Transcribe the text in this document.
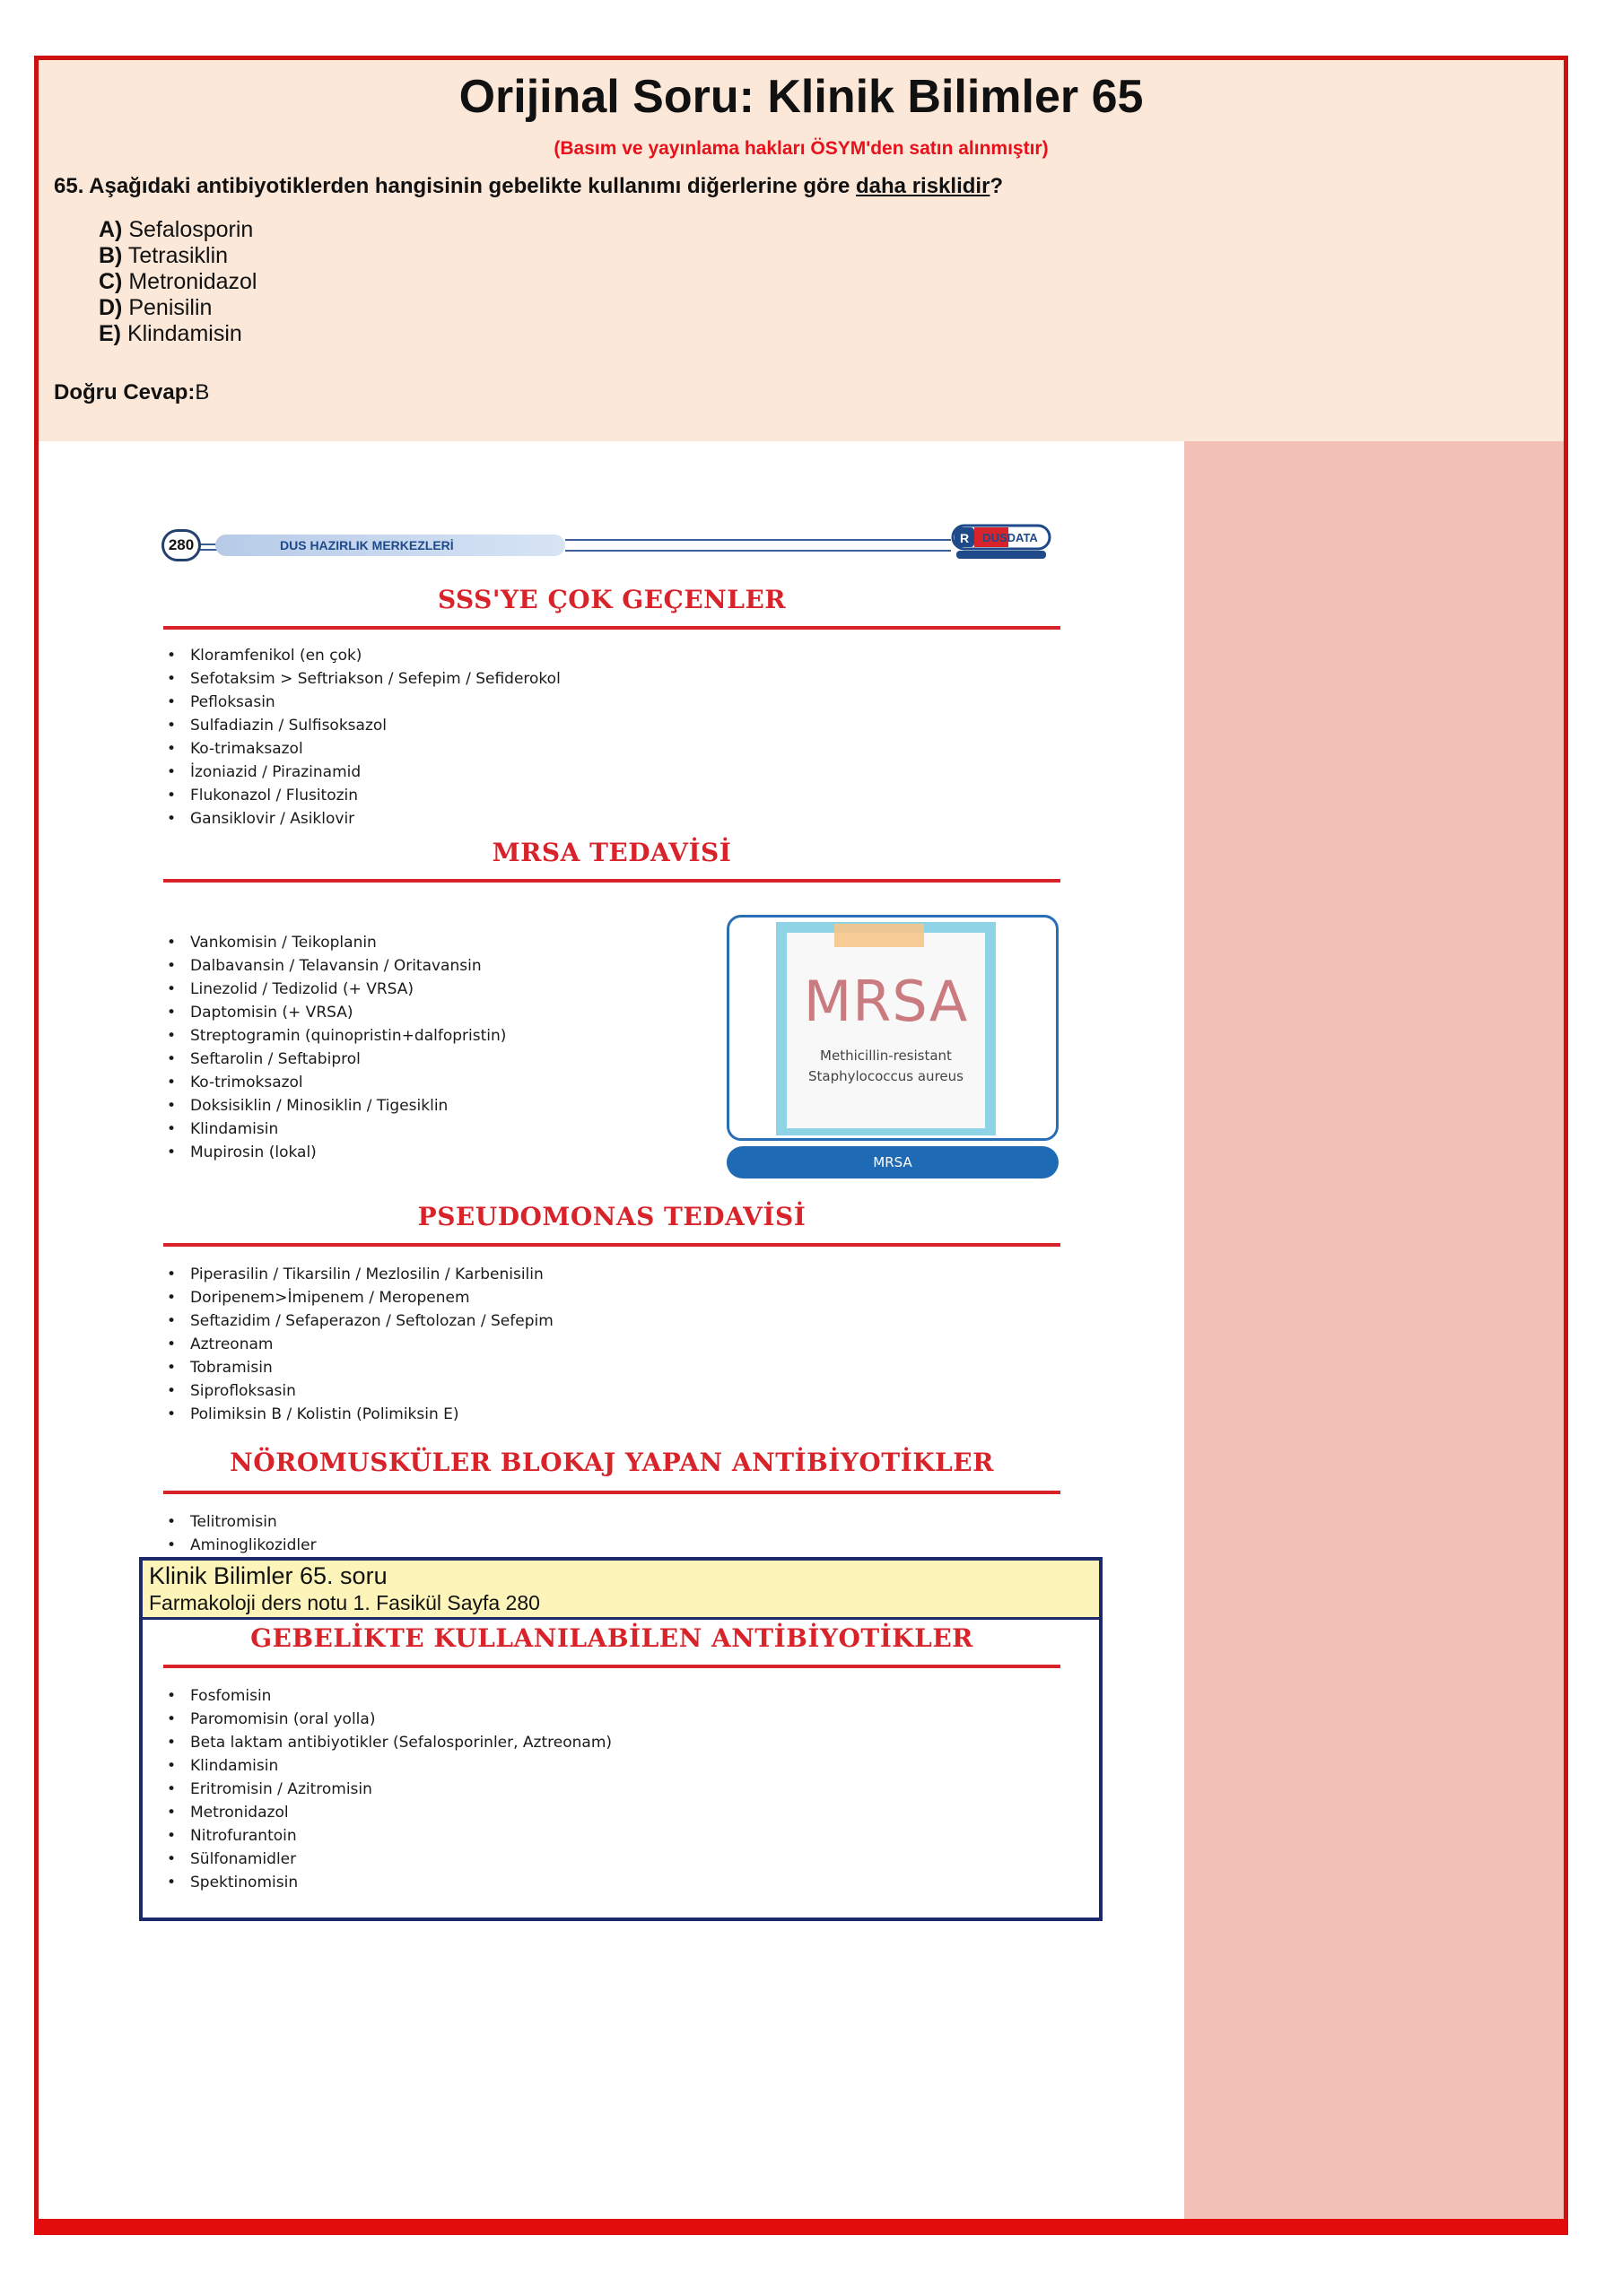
Orijinal Soru: Klinik Bilimler 65
(Basım ve yayınlama hakları ÖSYM'den satın alınmıştır)
65. Aşağıdaki antibiyotiklerden hangisinin gebelikte kullanımı diğerlerine göre daha risklidir?
A) Sefalosporin
B) Tetrasiklin
C) Metronidazol
D) Penisilin
E) Klindamisin
Doğru Cevap:B
280	DUS HAZIRLIK MERKEZLERİ	R DUSDATA
SSS'YE ÇOK GEÇENLER
• Kloramfenikol (en çok)
• Sefotaksim > Seftriakson / Sefepim / Sefiderokol
• Pefloksasin
• Sulfadiazin / Sulfisoksazol
• Ko-trimaksazol
• İzoniazid / Pirazinamid
• Flukonazol / Flusitozin
• Gansiklovir / Asiklovir
MRSA TEDAVİSİ
• Vankomisin / Teikoplanin
• Dalbavansin / Telavansin / Oritavansin
• Linezolid / Tedizolid (+ VRSA)
• Daptomisin (+ VRSA)
• Streptogramin (quinopristin+dalfopristin)
• Seftarolin / Seftabiprol
• Ko-trimoksazol
• Doksisiklin / Minosiklin / Tigesiklin
• Klindamisin
• Mupirosin (lokal)
MRSA
Methicillin-resistant
Staphylococcus aureus
MRSA
PSEUDOMONAS TEDAVİSİ
• Piperasilin / Tikarsilin / Mezlosilin / Karbenisilin
• Doripenem>İmipenem / Meropenem
• Seftazidim / Sefaperazon / Seftolozan / Sefepim
• Aztreonam
• Tobramisin
• Siprofloksasin
• Polimiksin B / Kolistin (Polimiksin E)
NÖROMUSKÜLER BLOKAJ YAPAN ANTİBİYOTİKLER
• Telitromisin
• Aminoglikozidler
Klinik Bilimler 65. soru
Farmakoloji ders notu 1. Fasikül Sayfa 280
GEBELİKTE KULLANILABİLEN ANTİBİYOTİKLER
• Fosfomisin
• Paromomisin (oral yolla)
• Beta laktam antibiyotikler (Sefalosporinler, Aztreonam)
• Klindamisin
• Eritromisin / Azitromisin
• Metronidazol
• Nitrofurantoin
• Sülfonamidler
• Spektinomisin
